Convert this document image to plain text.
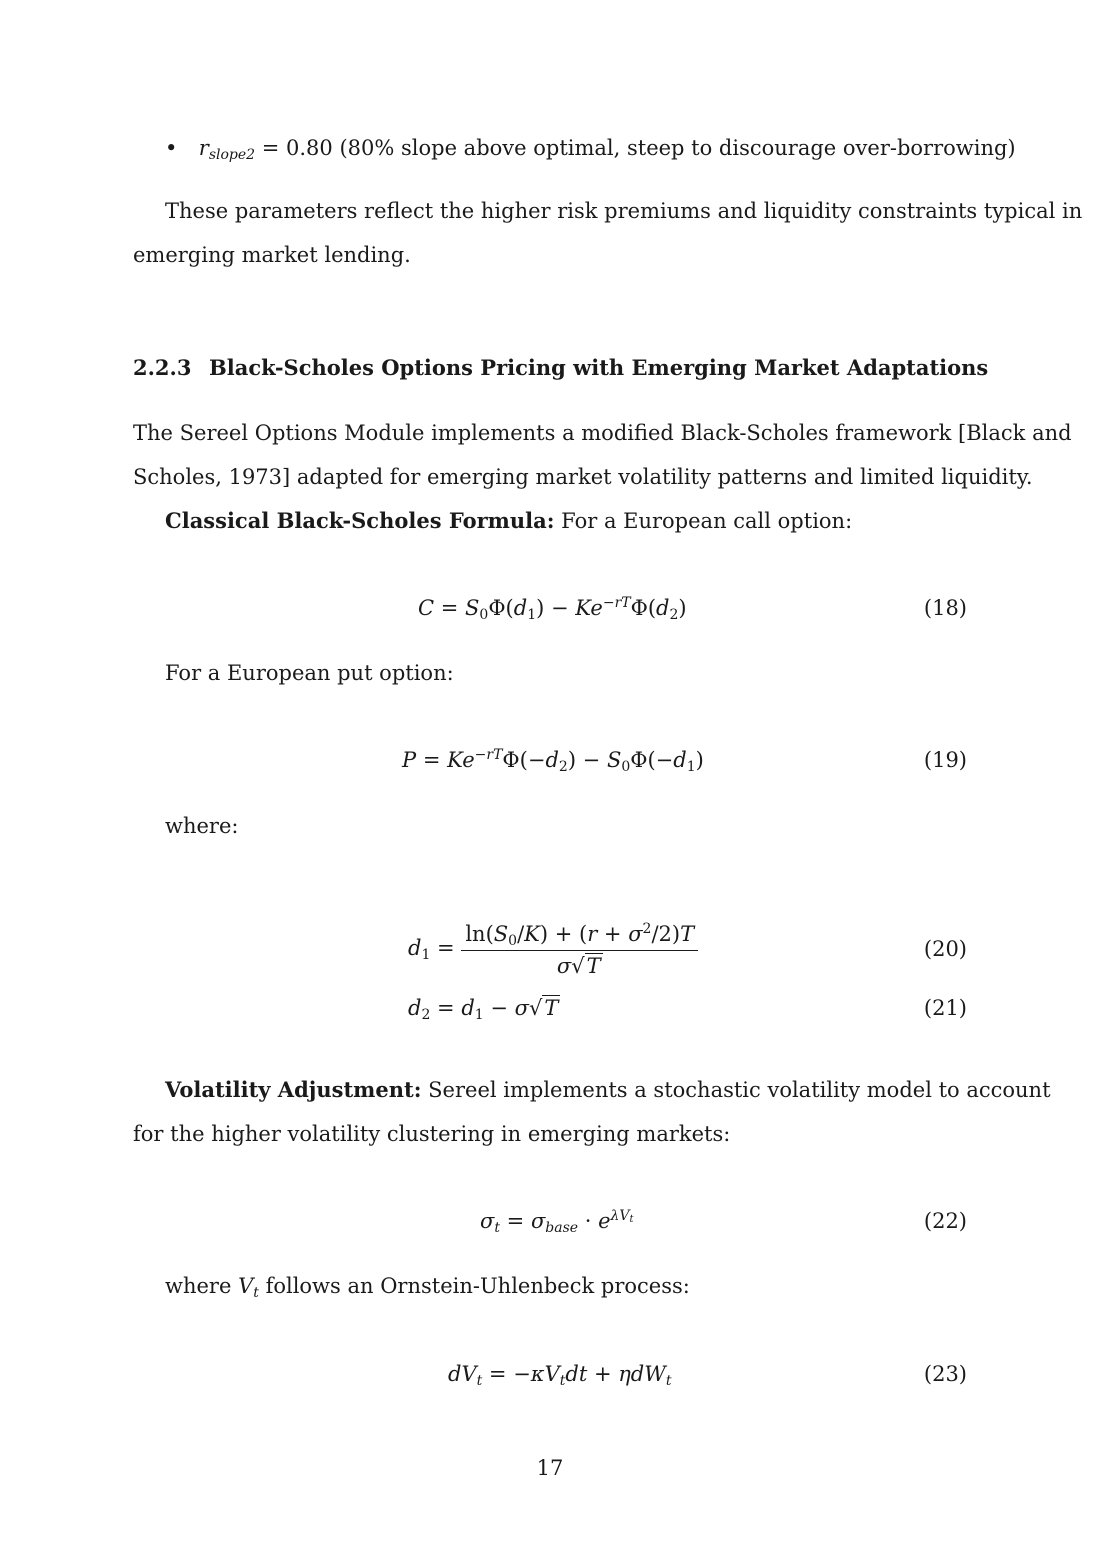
• $r_{slope2} = 0.80$ (80% slope above optimal, steep to discourage over-borrowing)
These parameters reflect the higher risk premiums and liquidity constraints typical in
emerging market lending.
2.2.3 Black-Scholes Options Pricing with Emerging Market Adaptations
The Sereel Options Module implements a modified Black-Scholes framework [Black and
Scholes, 1973] adapted for emerging market volatility patterns and limited liquidity.
Classical Black-Scholes Formula: For a European call option:
$C = S_0\Phi(d_1) - Ke^{-rT}\Phi(d_2)$	(18)
For a European put option:
$P = Ke^{-rT}\Phi(-d_2) - S_0\Phi(-d_1)$	(19)
where:
$d_1 = \frac{\ln(S_0/K) + (r + \sigma^2/2)T}{\sigma√T}$	(20)
$d_2 = d_1 - \sigma√T$	(21)
Volatility Adjustment: Sereel implements a stochastic volatility model to account
for the higher volatility clustering in emerging markets:
$\sigma_t = \sigma_{base} \cdot e^{\lambda V_t}$	(22)
where $V_t$ follows an Ornstein-Uhlenbeck process:
$dV_t = -\kappa V_tdt + \eta dW_t$	(23)
17
